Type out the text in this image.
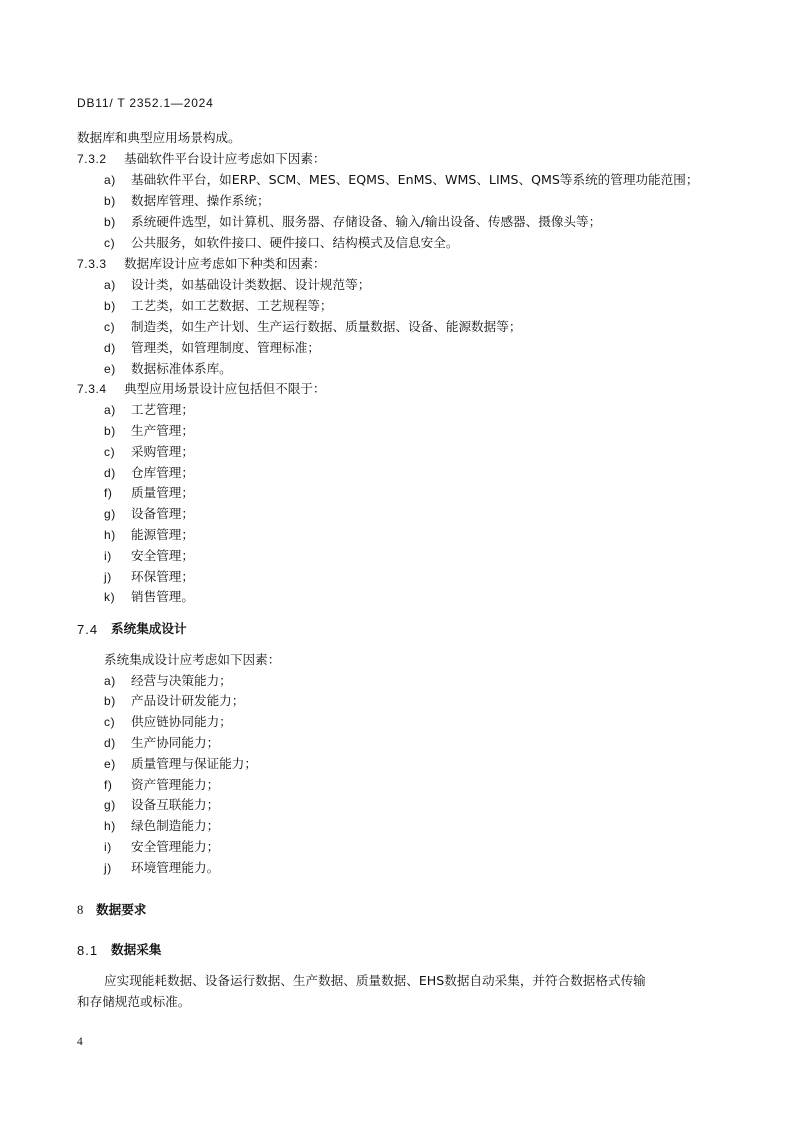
DB11/ T 2352.1—2024
数据库和典型应用场景构成。
7.3.2 基础软件平台设计应考虑如下因素：
a) 基础软件平台，如ERP、SCM、MES、EQMS、EnMS、WMS、LIMS、QMS等系统的管理功能范围；
b) 数据库管理、操作系统；
b) 系统硬件选型，如计算机、服务器、存储设备、输入/输出设备、传感器、摄像头等；
c) 公共服务，如软件接口、硬件接口、结构模式及信息安全。
7.3.3 数据库设计应考虑如下种类和因素：
a) 设计类，如基础设计类数据、设计规范等；
b) 工艺类，如工艺数据、工艺规程等；
c) 制造类，如生产计划、生产运行数据、质量数据、设备、能源数据等；
d) 管理类，如管理制度、管理标准；
e) 数据标准体系库。
7.3.4 典型应用场景设计应包括但不限于：
a) 工艺管理；
b) 生产管理；
c) 采购管理；
d) 仓库管理；
f) 质量管理；
g) 设备管理；
h) 能源管理；
i) 安全管理；
j) 环保管理；
k) 销售管理。
7.4 系统集成设计
系统集成设计应考虑如下因素：
a) 经营与决策能力；
b) 产品设计研发能力；
c) 供应链协同能力；
d) 生产协同能力；
e) 质量管理与保证能力；
f) 资产管理能力；
g) 设备互联能力；
h) 绿色制造能力；
i) 安全管理能力；
j) 环境管理能力。
8 数据要求
8.1 数据采集
应实现能耗数据、设备运行数据、生产数据、质量数据、EHS数据自动采集，并符合数据格式传输
和存储规范或标准。
4
